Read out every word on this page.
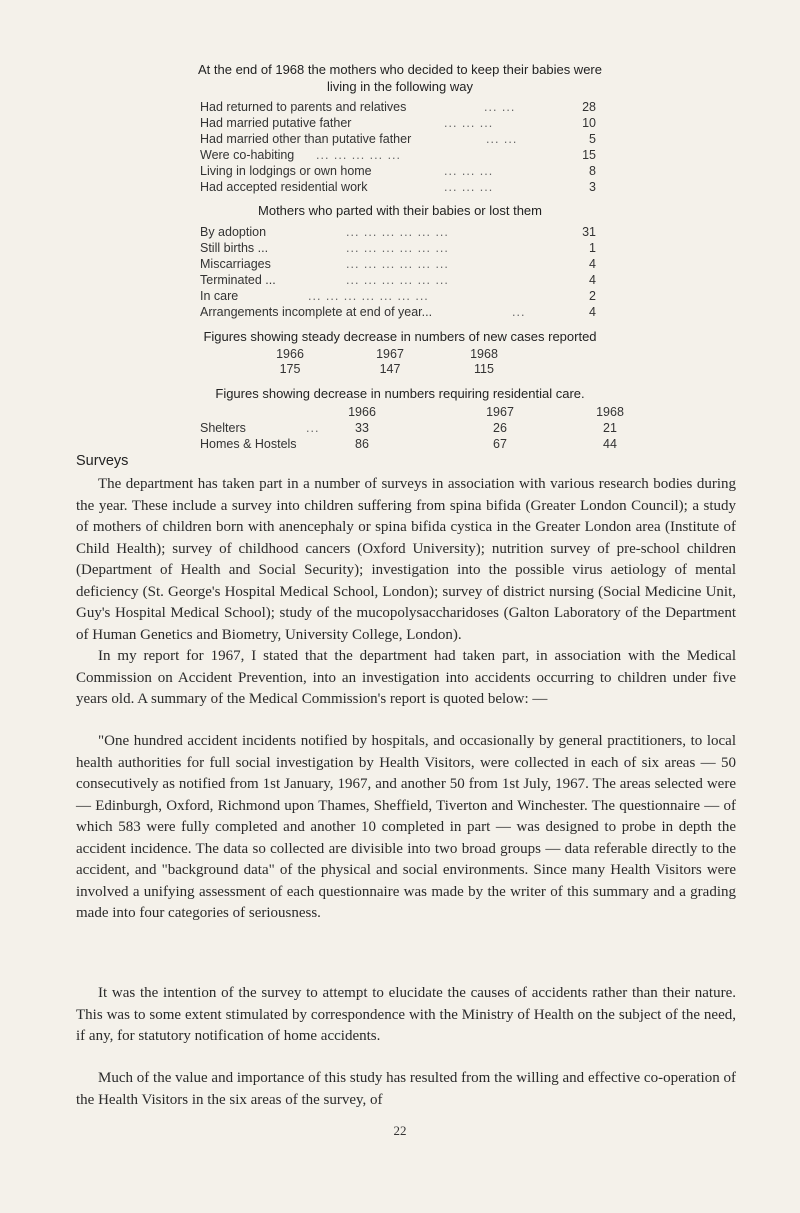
At the end of 1968 the mothers who decided to keep their babies were
living in the following way
Had returned to parents and relatives	... ...	28
Had married putative father	... ... ...	10
Had married other than putative father	... ...	5
Were co-habiting ... ... ... ... ...	15
Living in lodgings or own home	... ... ...	8
Had accepted residential work	... ... ...	3
Mothers who parted with their babies or lost them
By adoption	... ... ... ... ... ...	31
Still births ...	... ... ... ... ... ...	1
Miscarriages	... ... ... ... ... ...	4
Terminated ...	... ... ... ... ... ...	4
In care	... ... ... ... ... ... ...	2
Arrangements incomplete at end of year...	...	4
Figures showing steady decrease in numbers of new cases reported
1966	1967	1968
175	147	115
Figures showing decrease in numbers requiring residential care.
1966	1967	1968
Shelters	...	33	26	21
Homes & Hostels	86	67	44
Surveys

The department has taken part in a number of surveys in association with various research bodies during the year. These include a survey into children suffering from spina bifida (Greater London Council); a study of mothers of children born with anencephaly or spina bifida cystica in the Greater London area (Institute of Child Health); survey of childhood cancers (Oxford University); nutrition survey of pre-school children (Department of Health and Social Security); investigation into the possible virus aetiology of mental deficiency (St. George's Hospital Medical School, London); survey of district nursing (Social Medicine Unit, Guy's Hospital Medical School); study of the mucopolysaccharidoses (Galton Laboratory of the Department of Human Genetics and Biometry, University College, London).

In my report for 1967, I stated that the department had taken part, in association with the Medical Commission on Accident Prevention, into an investigation into accidents occurring to children under five years old. A summary of the Medical Commission's report is quoted below: —

"One hundred accident incidents notified by hospitals, and occasionally by general practitioners, to local health authorities for full social investigation by Health Visitors, were collected in each of six areas — 50 consecutively as notified from 1st January, 1967, and another 50 from 1st July, 1967. The areas selected were — Edinburgh, Oxford, Richmond upon Thames, Sheffield, Tiverton and Winchester. The questionnaire — of which 583 were fully completed and another 10 completed in part — was designed to probe in depth the accident incidence. The data so collected are divisible into two broad groups — data referable directly to the accident, and "background data" of the physical and social environments. Since many Health Visitors were involved a unifying assessment of each questionnaire was made by the writer of this summary and a grading made into four categories of seriousness.

It was the intention of the survey to attempt to elucidate the causes of accidents rather than their nature. This was to some extent stimulated by correspondence with the Ministry of Health on the subject of the need, if any, for statutory notification of home accidents.

Much of the value and importance of this study has resulted from the willing and effective co-operation of the Health Visitors in the six areas of the survey, of

22
